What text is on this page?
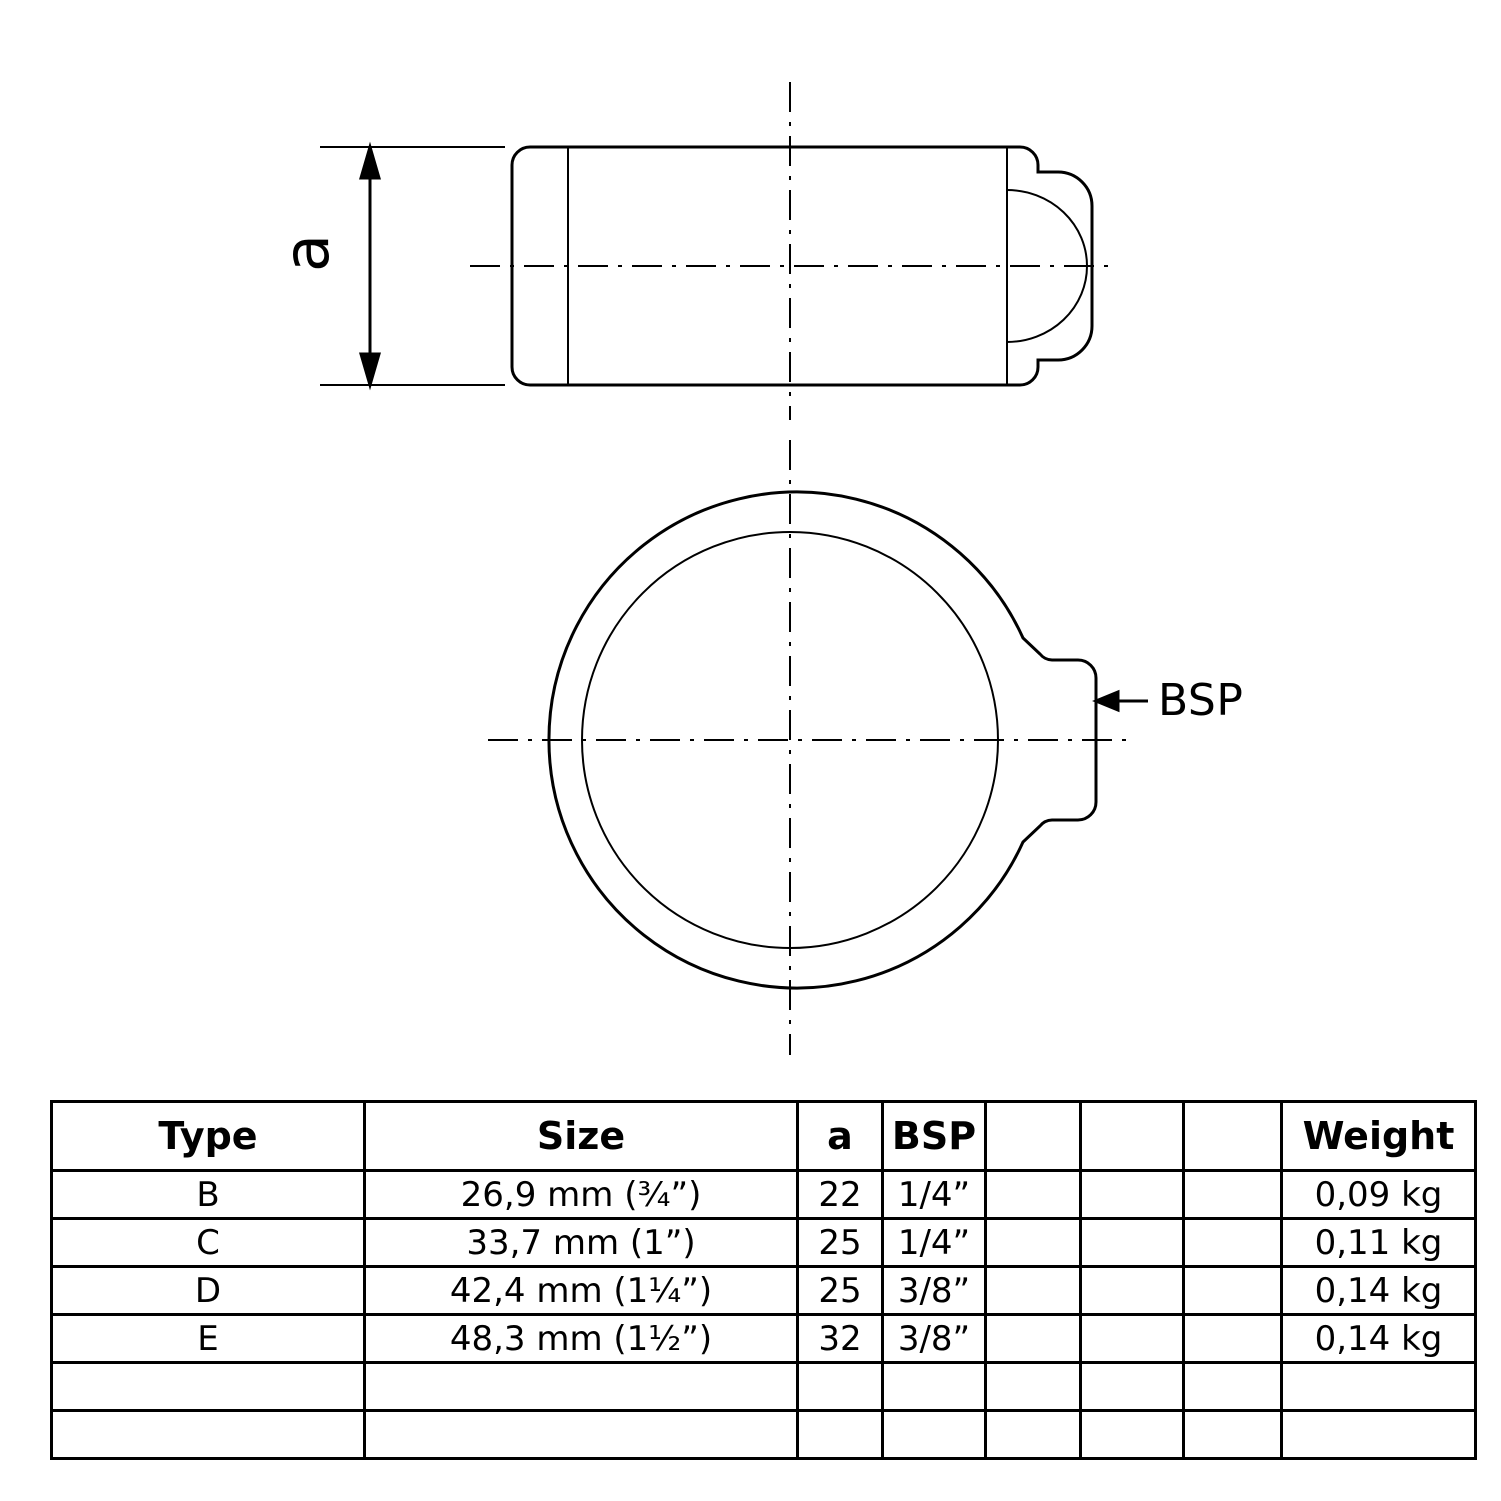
a
BSP
Type	Size	a	BSP				Weight
B	26,9 mm (¾”)	22	1/4”				0,09 kg
C	33,7 mm (1”)	25	1/4”				0,11 kg
D	42,4 mm (1¼”)	25	3/8”				0,14 kg
E	48,3 mm (1½”)	32	3/8”				0,14 kg
